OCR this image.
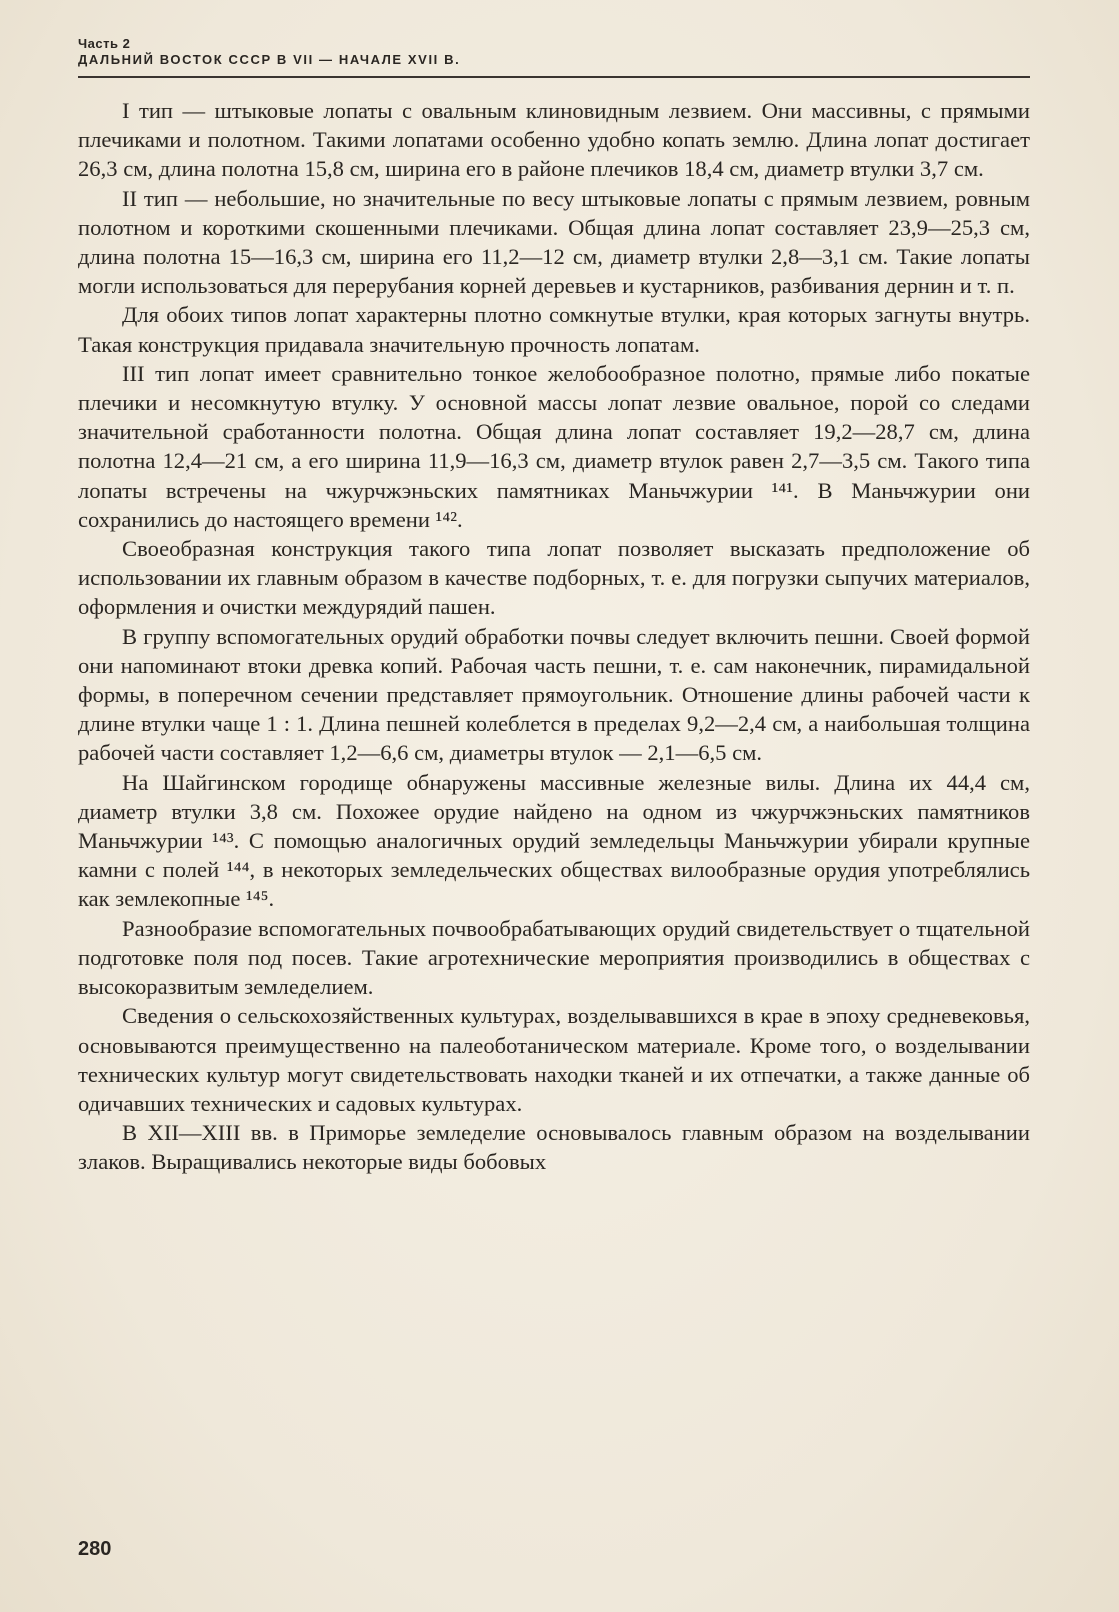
Часть 2

ДАЛЬНИЙ ВОСТОК СССР В VII — НАЧАЛЕ XVII В.

I тип — штыковые лопаты с овальным клиновидным лезвием. Они массивны, с прямыми плечиками и полотном. Такими лопатами особенно удобно копать землю. Длина лопат достигает 26,3 см, длина полотна 15,8 см, ширина его в районе плечиков 18,4 см, диаметр втулки 3,7 см.

II тип — небольшие, но значительные по весу штыковые лопаты с прямым лезвием, ровным полотном и короткими скошенными плечиками. Общая длина лопат составляет 23,9—25,3 см, длина полотна 15—16,3 см, ширина его 11,2—12 см, диаметр втулки 2,8—3,1 см. Такие лопаты могли использоваться для перерубания корней деревьев и кустарников, разбивания дернин и т. п.

Для обоих типов лопат характерны плотно сомкнутые втулки, края которых загнуты внутрь. Такая конструкция придавала значительную прочность лопатам.

III тип лопат имеет сравнительно тонкое желобообразное полотно, прямые либо покатые плечики и несомкнутую втулку. У основной массы лопат лезвие овальное, порой со следами значительной сработанности полотна. Общая длина лопат составляет 19,2—28,7 см, длина полотна 12,4—21 см, а его ширина 11,9—16,3 см, диаметр втулок равен 2,7—3,5 см. Такого типа лопаты встречены на чжурчжэньских памятниках Маньчжурии ¹⁴¹. В Маньчжурии они сохранились до настоящего времени ¹⁴².

Своеобразная конструкция такого типа лопат позволяет высказать предположение об использовании их главным образом в качестве подборных, т. е. для погрузки сыпучих материалов, оформления и очистки междурядий пашен.

В группу вспомогательных орудий обработки почвы следует включить пешни. Своей формой они напоминают втоки древка копий. Рабочая часть пешни, т. е. сам наконечник, пирамидальной формы, в поперечном сечении представляет прямоугольник. Отношение длины рабочей части к длине втулки чаще 1 : 1. Длина пешней колеблется в пределах 9,2—2,4 см, а наибольшая толщина рабочей части составляет 1,2—6,6 см, диаметры втулок — 2,1—6,5 см.

На Шайгинском городище обнаружены массивные железные вилы. Длина их 44,4 см, диаметр втулки 3,8 см. Похожее орудие найдено на одном из чжурчжэньских памятников Маньчжурии ¹⁴³. С помощью аналогичных орудий земледельцы Маньчжурии убирали крупные камни с полей ¹⁴⁴, в некоторых земледельческих обществах вилообразные орудия употреблялись как землекопные ¹⁴⁵.

Разнообразие вспомогательных почвообрабатывающих орудий свидетельствует о тщательной подготовке поля под посев. Такие агротехнические мероприятия производились в обществах с высокоразвитым земледелием.

Сведения о сельскохозяйственных культурах, возделывавшихся в крае в эпоху средневековья, основываются преимущественно на палеоботаническом материале. Кроме того, о возделывании технических культур могут свидетельствовать находки тканей и их отпечатки, а также данные об одичавших технических и садовых культурах.

В XII—XIII вв. в Приморье земледелие основывалось главным образом на возделывании злаков. Выращивались некоторые виды бобовых

280
